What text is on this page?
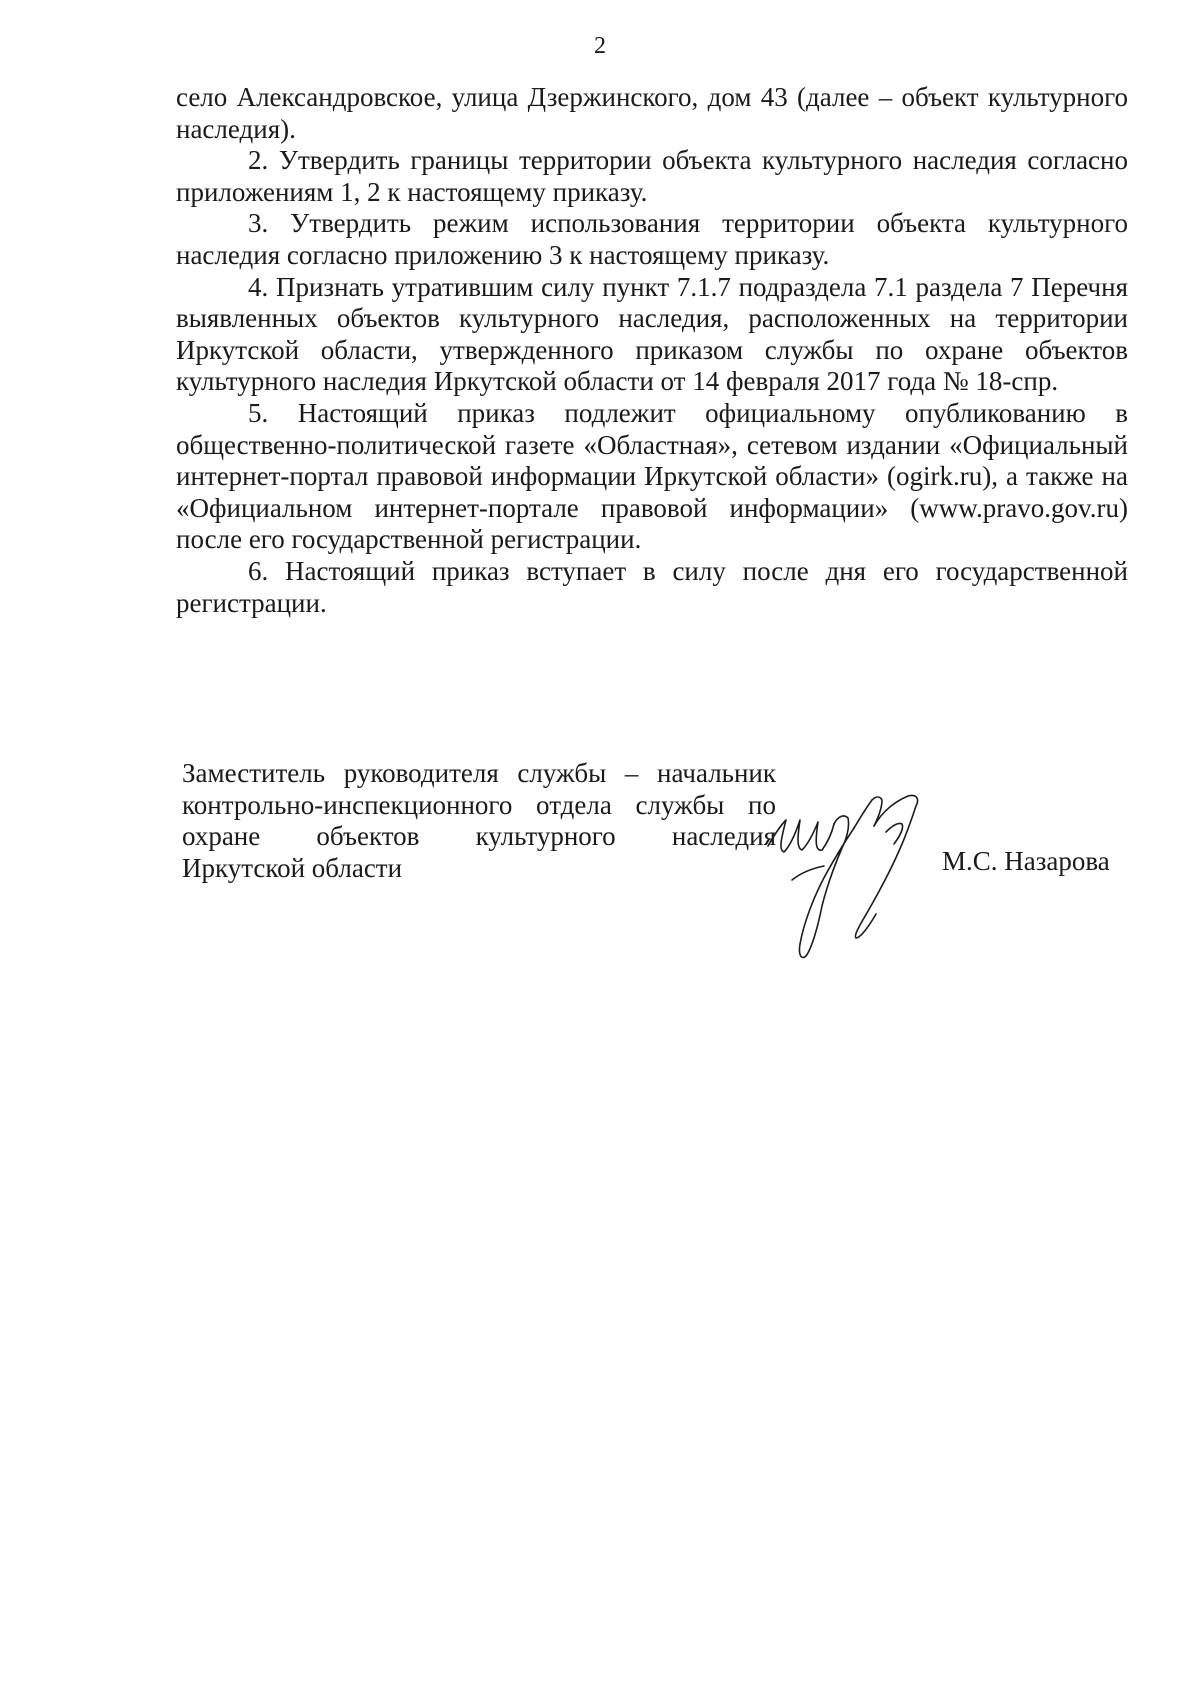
2

село Александровское, улица Дзержинского, дом 43 (далее – объект культурного наследия).

2. Утвердить границы территории объекта культурного наследия согласно приложениям 1, 2 к настоящему приказу.

3. Утвердить режим использования территории объекта культурного наследия согласно приложению 3 к настоящему приказу.

4. Признать утратившим силу пункт 7.1.7 подраздела 7.1 раздела 7 Перечня выявленных объектов культурного наследия, расположенных на территории Иркутской области, утвержденного приказом службы по охране объектов культурного наследия Иркутской области от 14 февраля 2017 года № 18-спр.

5. Настоящий приказ подлежит официальному опубликованию в общественно-политической газете «Областная», сетевом издании «Официальный интернет-портал правовой информации Иркутской области» (ogirk.ru), а также на «Официальном интернет-портале правовой информации» (www.pravo.gov.ru) после его государственной регистрации.

6. Настоящий приказ вступает в силу после дня его государственной регистрации.

Заместитель руководителя службы – начальник
контрольно-инспекционного отдела службы по
охране объектов культурного наследия
Иркутской области	М.С. Назарова
